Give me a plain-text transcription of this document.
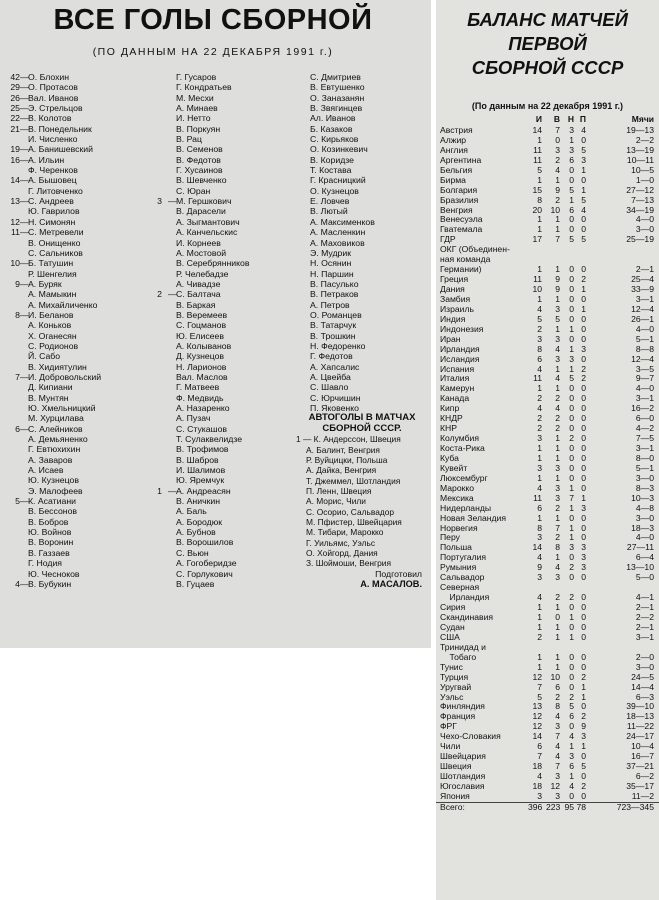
ВСЕ ГОЛЫ СБОРНОЙ
(ПО ДАННЫМ НА 22 ДЕКАБРЯ 1991 г.)
42 — О. Блохин
29 — О. Протасов
26 — Вал. Иванов
25 — Э. Стрельцов
22 — В. Колотов
21 — В. Понедельник
И. Численко
19 — А. Банишевский
16 — А. Ильин
Ф. Черенков
14 — А. Бышовец
Г. Литовченко
13 — С. Андреев
Ю. Гаврилов
12 — Н. Симонян
11 — С. Метревели
В. Онищенко
С. Сальников
10 — Б. Татушин
Р. Шенгелия
9 — А. Буряк
А. Мамыкин
А. Михайличенко
8 — И. Беланов
А. Коньков
Х. Оганесян
С. Родионов
Й. Сабо
В. Хидиятулин
7 — И. Добровольский
Д. Кипиани
В. Мунтян
Ю. Хмельницкий
М. Хурцилава
6 — С. Алейников
А. Демьяненко
Г. Евтюхихин
А. Заваров
А. Исаев
Ю. Кузнецов
Э. Малофеев
5 — К. Асатиани
В. Бессонов
В. Бобров
Ю. Войнов
В. Воронин
В. Газзаев
Г. Нодия
Ю. Чесноков
4 — В. Бубукин
Г. Гусаров
Г. Кондратьев
М. Месхи
А. Минаев
И. Нетто
В. Поркуян
В. Рац
В. Семенов
В. Федотов
Г. Хусаинов
В. Шевченко
С. Юран
3 — М. Гершкович
В. Дарасели
А. Зыгмантович
А. Канчельскис
И. Корнеев
А. Мостовой
В. Серебрянников
Р. Челебадзе
А. Чивадзе
2 — С. Балтача
В. Баркая
В. Веремеев
С. Гоцманов
Ю. Елисеев
А. Колыванов
Д. Кузнецов
Н. Ларионов
Вал. Маслов
Г. Матвеев
Ф. Медвидь
А. Назаренко
А. Пузач
С. Стукашов
Т. Сулаквелидзе
В. Трофимов
В. Шабров
И. Шалимов
Ю. Яремчук
1 — А. Андреасян
В. Аничкин
А. Баль
А. Бородюк
А. Бубнов
В. Ворошилов
С. Вьюн
А. Гогоберидзе
С. Горлукович
В. Гуцаев
С. Дмитриев
В. Евтушенко
О. Заназанян
В. Звягинцев
Ал. Иванов
Б. Казаков
С. Кирьяков
О. Козинкевич
В. Коридзе
Т. Костава
Г. Красницкий
О. Кузнецов
Е. Ловчев
В. Лютый
А. Максименков
А. Масленкин
А. Маховиков
Э. Мудрик
Н. Осянин
Н. Паршин
В. Пасулько
В. Петраков
А. Петров
О. Романцев
В. Татарчук
В. Трошкин
Н. Федоренко
Г. Федотов
А. Хапсалис
А. Цвейба
С. Шавло
С. Юрчишин
П. Яковенко
АВТОГОЛЫ В МАТЧАХ СБОРНОЙ СССР.
1 — К. Андерссон, Швеция
А. Балинт, Венгрия
Р. Вуйцицки, Польша
А. Дайка, Венгрия
Т. Джеммел, Шотландия
П. Ленн, Швеция
А. Морис, Чили
С. Осорио, Сальвадор
М. Пфистер, Швейцария
М. Тибари, Марокко
Г. Уильямс, Уэльс
О. Хойгорд, Дания
З. Шоймоши, Венгрия
Подготовил
А. МАСАЛОВ.
БАЛАНС МАТЧЕЙ
ПЕРВОЙ
СБОРНОЙ СССР
(По данным на 22 декабря 1991 г.)
И	В Н П	Мячи
Австрия	14	7	3 4	19—13
Алжир	1	0	1 0	2—2
Англия	11	3	3 5	13—19
Аргентина	11	2	6 3	10—11
Бельгия	5	4	0 1	10—5
Бирма	1	1	0 0	1—0
Болгария	15	9	5 1	27—12
Бразилия	8	2	1 5	7—13
Венгрия	20 10	6 4	34—19
Венесуэла	1	1	0 0	4—0
Гватемала	1	1	0 0	3—0
ГДР	17	7	5 5	25—19
ОКГ (Объединен-
ная команда
Германии)	1	1	0 0	2—1
Греция	11	9	0 2	25—4
Дания	10	9	0 1	33—9
Замбия	1	1	0 0	3—1
Израиль	4	3	0 1	12—4
Индия	5	5	0 0	26—1
Индонезия	2	1	1 0	4—0
Иран	3	3	0 0	5—1
Ирландия	8	4	1 3	8—8
Исландия	6	3	3 0	12—4
Испания	4	1	1 2	3—5
Италия	11	4	5 2	9—7
Камерун	1	1	0 0	4—0
Канада	2	2	0 0	3—1
Кипр	4	4	0 0	16—2
КНДР	2	2	0 0	6—0
КНР	2	2	0 0	4—2
Колумбия	3	1	2 0	7—5
Коста-Рика	1	1	0 0	3—1
Куба	1	1	0 0	8—0
Кувейт	3	3	0 0	5—1
Люксембург	1	1	0 0	3—0
Марокко	4	3	1 0	8—3
Мексика	11	3	7 1	10—3
Нидерланды	6	2	1 3	4—8
Новая Зеландия	1	1	0 0	3—0
Норвегия	8	7	1 0	18—3
Перу	3	2	1 0	4—0
Польша	14	8	3 3	27—11
Португалия	4	1	0 3	6—4
Румыния	9	4	2 3	13—10
Сальвадор	3	3	0 0	5—0
Северная
Ирландия	4	2	2 0	4—1
Сирия	1	1	0 0	2—1
Скандинавия	1	0	1 0	2—2
Судан	1	1	0 0	2—1
США	2	1	1 0	3—1
Тринидад и
Тобаго	1	1	0 0	2—0
Тунис	1	1	0 0	3—0
Турция	12 10	0 2	24—5
Уругвай	7	6	0 1	14—4
Уэльс	5	2	2 1	6—3
Финляндия	13	8	5 0	39—10
Франция	12	4	6 2	18—13
ФРГ	12	3	0 9	11—22
Чехо-Словакия	14	7	4 3	24—17
Чили	6	4	1 1	10—4
Швейцария	7	4	3 0	16—7
Швеция	18	7	6 5	37—21
Шотландия	4	3	1 0	6—2
Югославия	18 12	4 2	35—17
Япония	3	3	0 0	11—2
Всего:	396 223 95 78	723—345
